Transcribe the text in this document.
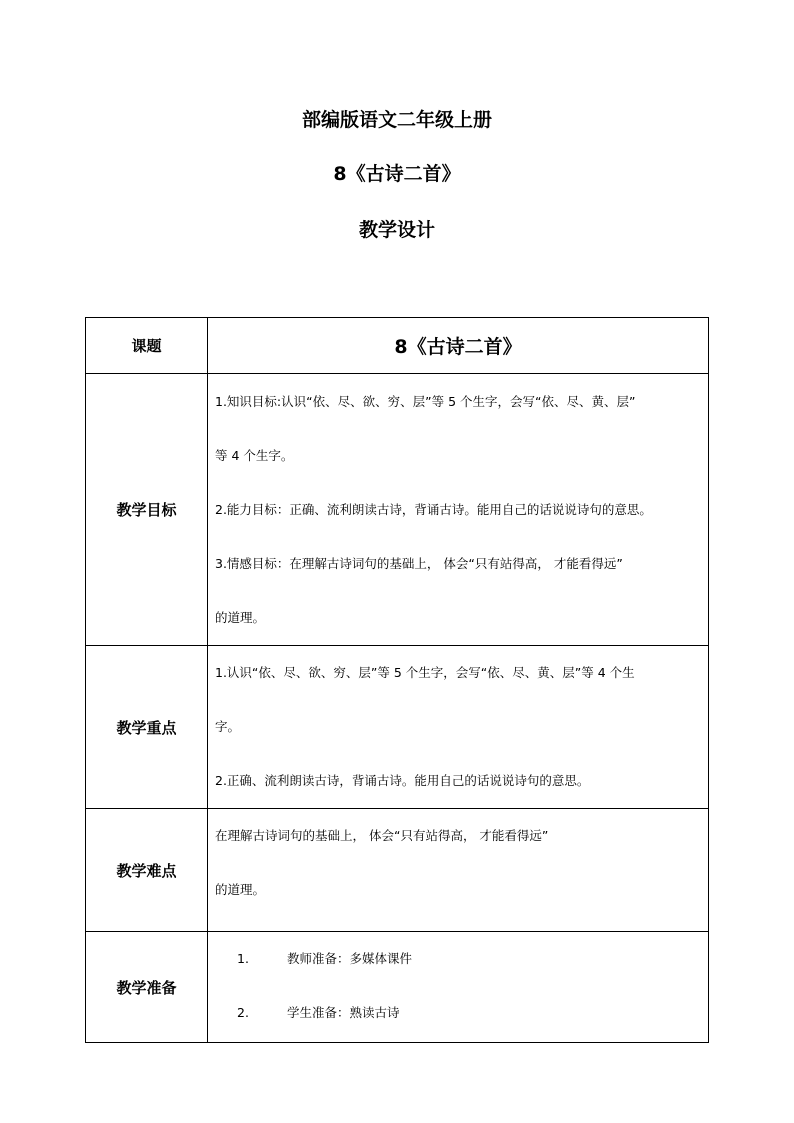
部编版语文二年级上册
8《古诗二首》
教学设计
课题	8《古诗二首》
教学目标	1.知识目标:认识“依、尽、欲、穷、层”等 5 个生字，会写“依、尽、黄、层”
等 4 个生字。
2.能力目标：正确、流利朗读古诗，背诵古诗。能用自己的话说说诗句的意思。
3.情感目标：在理解古诗词句的基础上， 体会“只有站得高， 才能看得远”
的道理。

教学重点	1.认识“依、尽、欲、穷、层”等 5 个生字，会写“依、尽、黄、层”等 4 个生
字。
2.正确、流利朗读古诗，背诵古诗。能用自己的话说说诗句的意思。

教学难点	在理解古诗词句的基础上， 体会“只有站得高， 才能看得远”
的道理。

教学准备	1. 教师准备：多媒体课件
2. 学生准备：熟读古诗
